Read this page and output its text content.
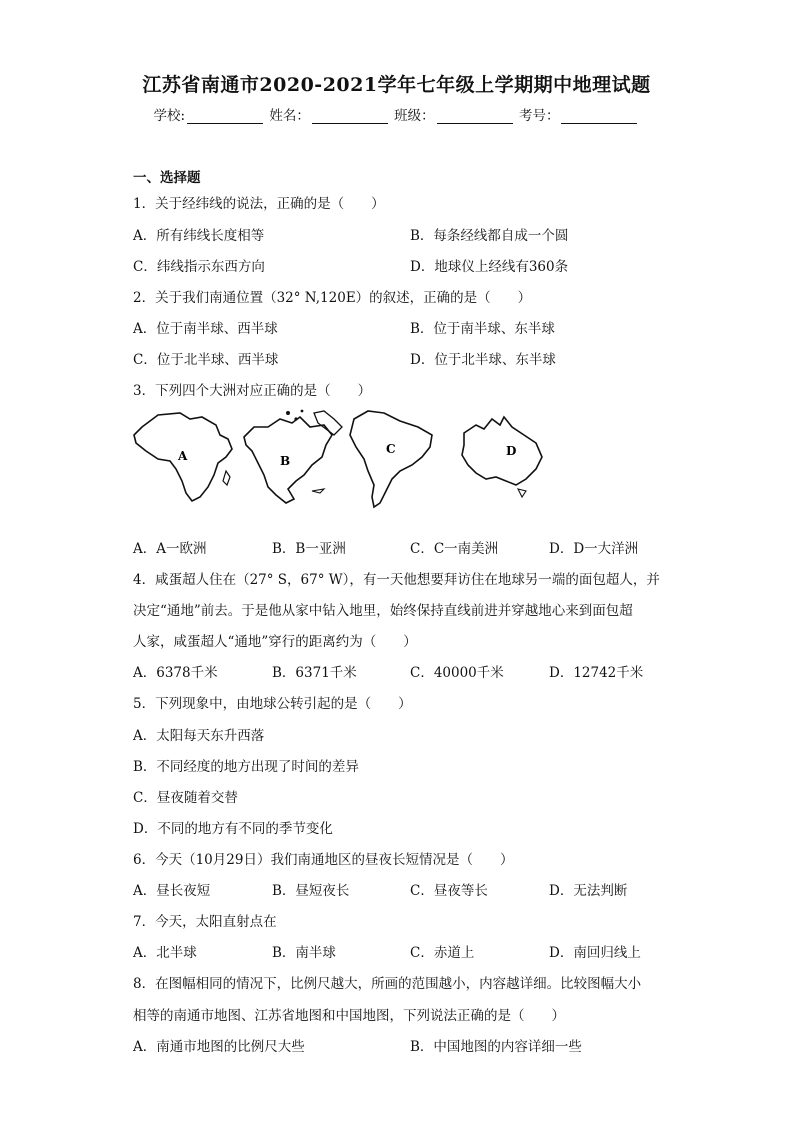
江苏省南通市2020-2021学年七年级上学期期中地理试题
学校:	姓名：	班级：	考号：
一、选择题
1．关于经纬线的说法，正确的是（　　）
A．所有纬线长度相等	B．每条经线都自成一个圆
C．纬线指示东西方向	D．地球仪上经线有360条
2．关于我们南通位置（32° N,120E）的叙述，正确的是（　　）
A．位于南半球、西半球	B．位于南半球、东半球
C．位于北半球、西半球	D．位于北半球、东半球
3．下列四个大洲对应正确的是（　　）
A	B
C	D
A．A一欧洲	B．B一亚洲	C．C一南美洲	D．D一大洋洲
4．咸蛋超人住在（27° S，67° W），有一天他想要拜访住在地球另一端的面包超人，并
决定“通地”前去。于是他从家中钻入地里，始终保持直线前进并穿越地心来到面包超
人家，咸蛋超人“通地”穿行的距离约为（　　）
A．6378千米	B．6371千米	C．40000千米	D．12742千米
5．下列现象中，由地球公转引起的是（　　）
A．太阳每天东升西落
B．不同经度的地方出现了时间的差异
C．昼夜随着交替
D．不同的地方有不同的季节变化
6．今天（10月29日）我们南通地区的昼夜长短情况是（　　）
A．昼长夜短	B．昼短夜长	C．昼夜等长	D．无法判断
7．今天，太阳直射点在
A．北半球	B．南半球	C．赤道上	D．南回归线上
8．在图幅相同的情况下，比例尺越大，所画的范围越小，内容越详细。比较图幅大小
相等的南通市地图、江苏省地图和中国地图，下列说法正确的是（　　）
A．南通市地图的比例尺大些	B．中国地图的内容详细一些
